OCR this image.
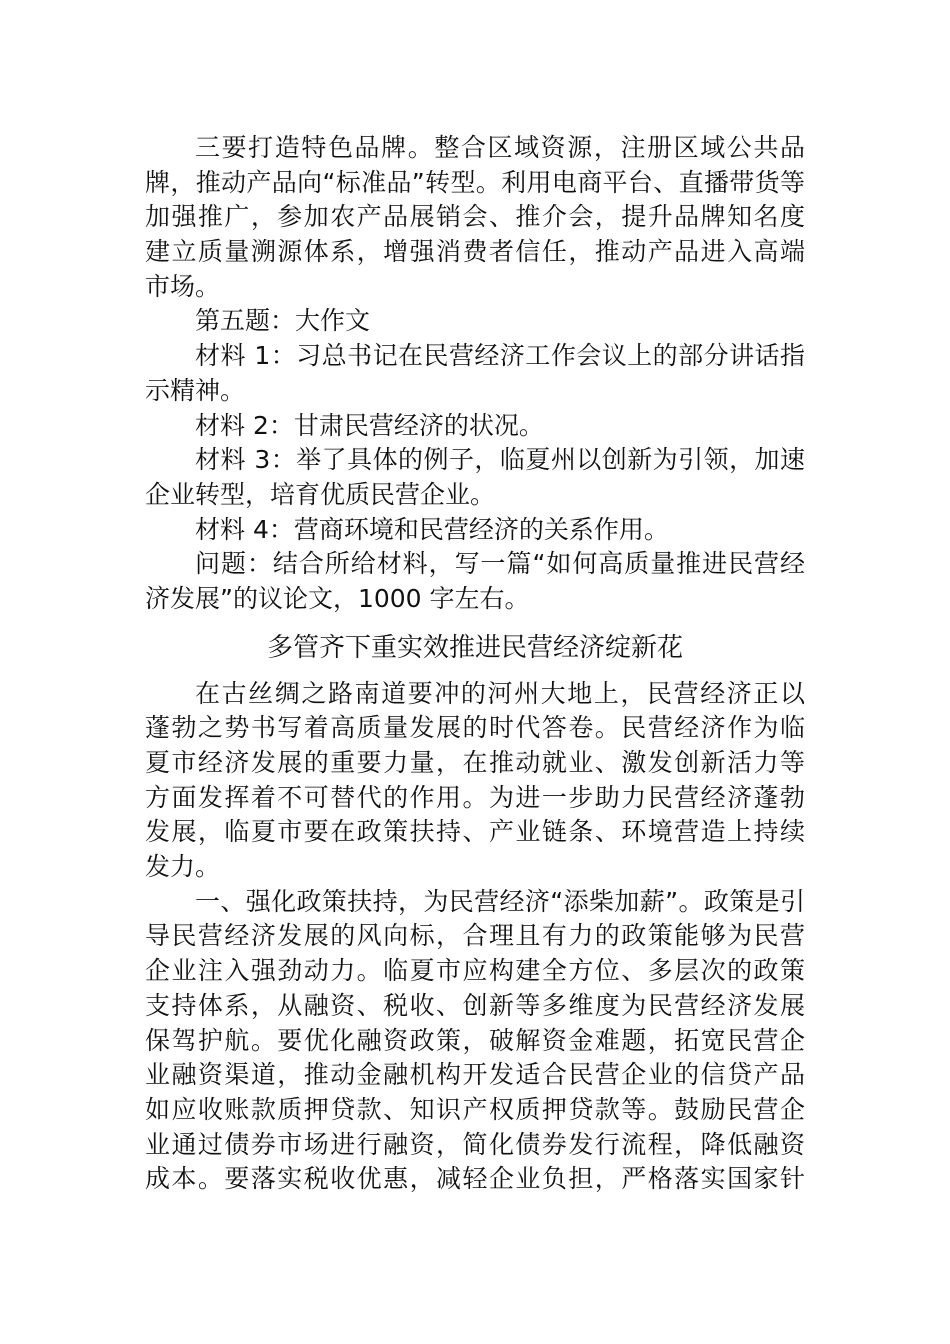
三要打造特色品牌。整合区域资源，注册区域公共品
牌，推动产品向“标准品”转型。利用电商平台、直播带货等
加强推广，参加农产品展销会、推介会，提升品牌知名度
建立质量溯源体系，增强消费者信任，推动产品进入高端
市场。
第五题：大作文
材料 1：习总书记在民营经济工作会议上的部分讲话指
示精神。
材料 2：甘肃民营经济的状况。
材料 3：举了具体的例子，临夏州以创新为引领，加速
企业转型，培育优质民营企业。
材料 4：营商环境和民营经济的关系作用。
问题：结合所给材料，写一篇“如何高质量推进民营经
济发展”的议论文，1000 字左右。
多管齐下重实效推进民营经济绽新花
在古丝绸之路南道要冲的河州大地上，民营经济正以
蓬勃之势书写着高质量发展的时代答卷。民营经济作为临
夏市经济发展的重要力量，在推动就业、激发创新活力等
方面发挥着不可替代的作用。为进一步助力民营经济蓬勃
发展，临夏市要在政策扶持、产业链条、环境营造上持续
发力。
一、强化政策扶持，为民营经济“添柴加薪”。政策是引
导民营经济发展的风向标，合理且有力的政策能够为民营
企业注入强劲动力。临夏市应构建全方位、多层次的政策
支持体系，从融资、税收、创新等多维度为民营经济发展
保驾护航。要优化融资政策，破解资金难题，拓宽民营企
业融资渠道，推动金融机构开发适合民营企业的信贷产品
如应收账款质押贷款、知识产权质押贷款等。鼓励民营企
业通过债券市场进行融资，简化债券发行流程，降低融资
成本。要落实税收优惠，减轻企业负担，严格落实国家针
